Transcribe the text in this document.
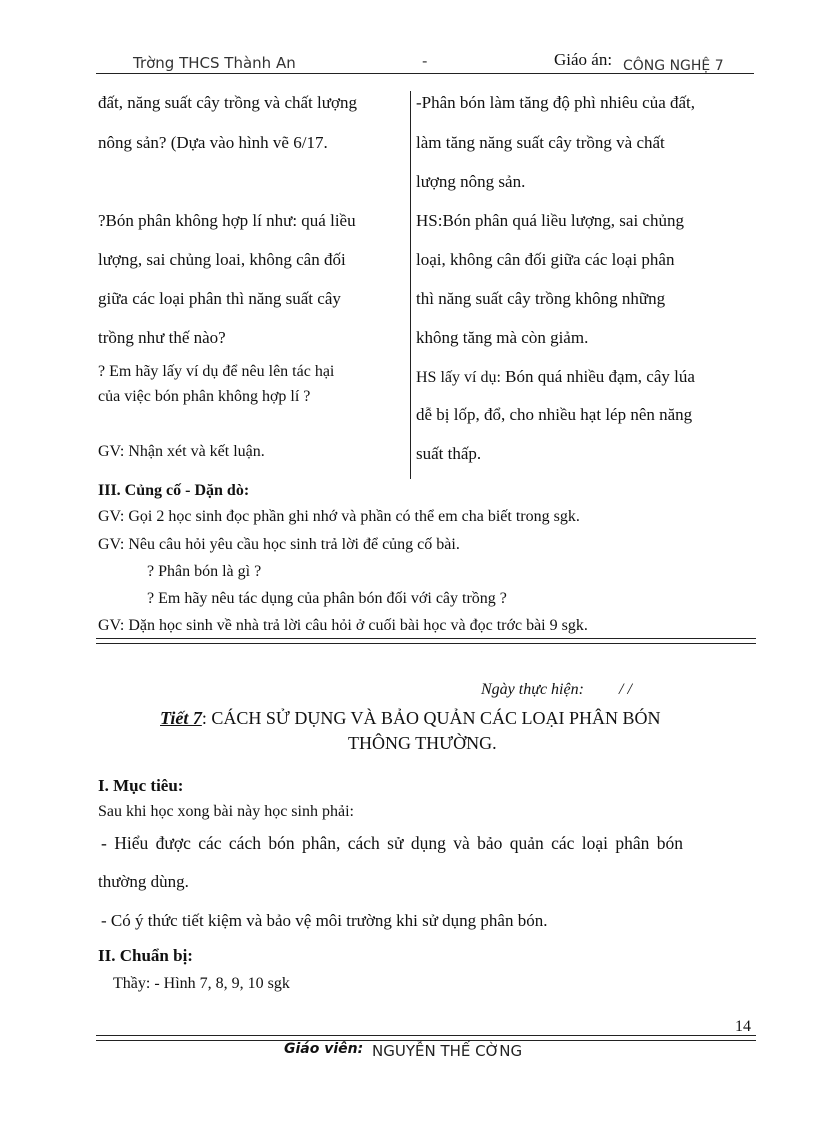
Trờng THCS Thành An	-	Giáo án: CÔNG NGHỆ 7
đất, năng suất cây trồng và chất lượng
nông sản? (Dựa vào hình vẽ 6/17.
-Phân bón làm tăng độ phì nhiêu của đất,
làm tăng năng suất cây trồng và chất
lượng nông sản.
?Bón phân không hợp lí như: quá liều
lượng, sai chủng loai, không cân đối
giữa các loại phân thì năng suất cây
trồng như thế nào?
HS:Bón phân quá liều lượng, sai chủng
loại, không cân đối giữa các loại phân
thì năng suất cây trồng không những
không tăng mà còn giảm.
? Em hãy lấy ví dụ để nêu lên tác hại
của việc bón phân không hợp lí ?
GV: Nhận xét và kết luận.
HS lấy ví dụ: Bón quá nhiều đạm, cây lúa
dễ bị lốp, đổ, cho nhiều hạt lép nên năng
suất thấp.
III. Củng cố - Dặn dò:
GV: Gọi 2 học sinh đọc phần ghi nhớ và phần có thể em cha biết trong sgk.
GV: Nêu câu hỏi yêu cầu học sinh trả lời để củng cố bài.
? Phân bón là gì ?
? Em hãy nêu tác dụng của phân bón đối với cây trồng ?
GV: Dặn học sinh về nhà trả lời câu hỏi ở cuối bài học và đọc trớc bài 9 sgk.
Ngày thực hiện: / /
Tiết 7: CÁCH SỬ DỤNG VÀ BẢO QUẢN CÁC LOẠI PHÂN BÓN
THÔNG THƯỜNG.
I. Mục tiêu:
Sau khi học xong bài này học sinh phải:
- Hiểu được các cách bón phân, cách sử dụng và bảo quản các loại phân bón
thường dùng.
- Có ý thức tiết kiệm và bảo vệ môi trường khi sử dụng phân bón.
II. Chuẩn bị:
Thầy: - Hình 7, 8, 9, 10 sgk
14
Giáo viên: NGUYỄN THẾ CỜNG
